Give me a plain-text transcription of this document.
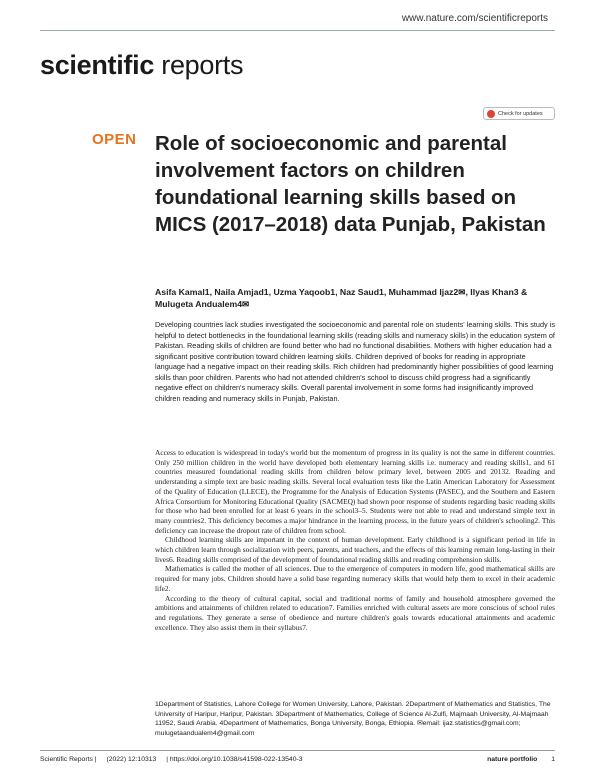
www.nature.com/scientificreports
scientific reports
Check for updates
OPEN Role of socioeconomic and parental involvement factors on children foundational learning skills based on MICS (2017–2018) data Punjab, Pakistan
Asifa Kamal1, Naila Amjad1, Uzma Yaqoob1, Naz Saud1, Muhammad Ijaz2✉, Ilyas Khan3 & Mulugeta Andualem4✉
Developing countries lack studies investigated the socioeconomic and parental role on students' learning skills. This study is helpful to detect bottlenecks in the foundational learning skills (reading skills and numeracy skills) in the education system of Pakistan. Reading skills of children are found better who had no functional disabilities. Mothers with higher education had a significant positive contribution toward children learning skills. Children deprived of books for reading in appropriate language had a negative impact on their reading skills. Rich children had predominantly higher possibilities of good learning skills than poor children. Parents who had not attended children's school to discuss child progress had a significantly negative effect on children's numeracy skills. Overall parental involvement in some forms had insignificantly improved children reading and numeracy skills in Punjab, Pakistan.

Access to education is widespread in today's world but the momentum of progress in its quality is not the same in different countries. Only 250 million children in the world have developed both elementary learning skills i.e. numeracy and reading skills1, and 61 countries measured foundational reading skills from children below primary level, between 2005 and 20132. Reading and understanding a simple text are basic reading skills. Several local evaluation tests like the Latin American Laboratory for Assessment of the Quality of Education (LLECE), the Programme for the Analysis of Education Systems (PASEC), and the Southern and Eastern Africa Consortium for Monitoring Educational Quality (SACMEQ) had shown poor response of students regarding basic reading skills for those who had been enrolled for at least 6 years in the school3–5. Students were not able to read and understand simple text in many countries2. This deficiency becomes a major hindrance in the learning process, in the future years of children's schooling2. This deficiency can increase the dropout rate of children from school.

Childhood learning skills are important in the context of human development. Early childhood is a significant period in life in which children learn through socialization with peers, parents, and teachers, and the effects of this learning remain long-lasting in their lives6. Reading skills comprised of the development of foundational reading skills and reading comprehension skills.

Mathematics is called the mother of all sciences. Due to the emergence of computers in modern life, good mathematical skills are required for many jobs. Children should have a solid base regarding numeracy skills that would help them to excel in their academic life2.

According to the theory of cultural capital, social and traditional norms of family and household atmosphere governed the ambitions and attainments of children related to education7. Families enriched with cultural assets are more conscious of school rules and regulations. They generate a sense of obedience and nurture children's goals towards educational attainments and academic excellence. They also assist them in their syllabus7.

1Department of Statistics, Lahore College for Women University, Lahore, Pakistan. 2Department of Mathematics and Statistics, The University of Haripur, Haripur, Pakistan. 3Department of Mathematics, College of Science Al-Zulfi, Majmaah University, Al-Majmaah 11952, Saudi Arabia. 4Department of Mathematics, Bonga University, Bonga, Ethiopia. ✉email: ijaz.statistics@gmail.com; mulugetaandualem4@gmail.com
Scientific Reports | (2022) 12:10313 | https://doi.org/10.1038/s41598-022-13540-3	nature portfolio 1
